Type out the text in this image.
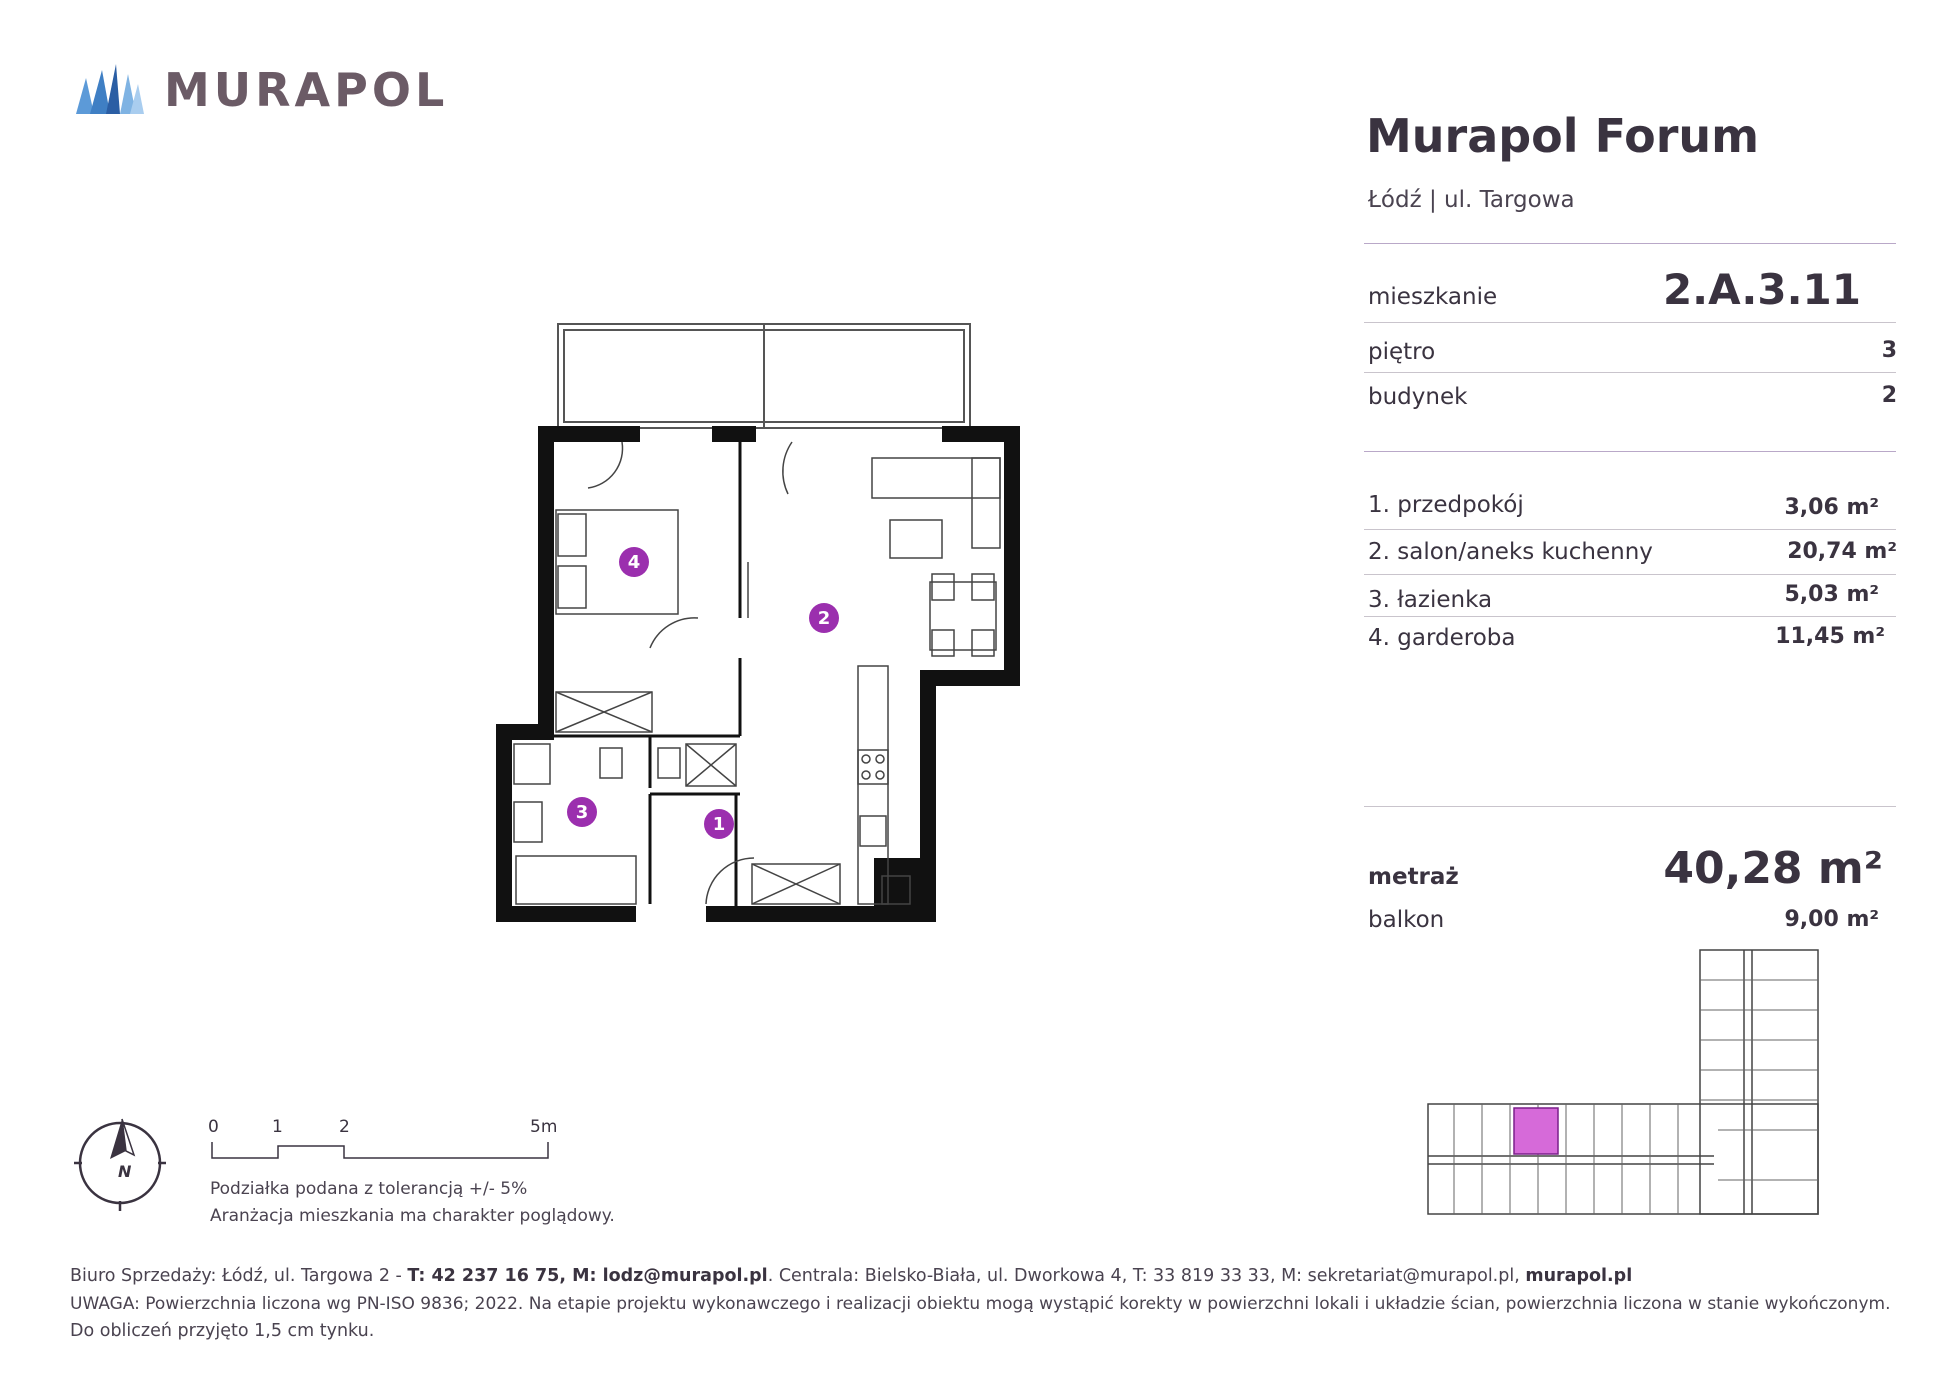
MURAPOL
Murapol Forum
Łódź | ul. Targowa
mieszkanie	2.A.3.11
piętro	3
budynek	2
1. przedpokój	3,06 m²
2. salon/aneks kuchenny	20,74 m²
3. łazienka	5,03 m²
4. garderoba	11,45 m²
metraż	40,28 m²
balkon	9,00 m²
1
2
3
4
N
0	1	2	5m
Podziałka podana z tolerancją +/- 5%
Aranżacja mieszkania ma charakter poglądowy.
Biuro Sprzedaży: Łódź, ul. Targowa 2 - T: 42 237 16 75, M: lodz@murapol.pl. Centrala: Bielsko-Biała, ul. Dworkowa 4, T: 33 819 33 33, M: sekretariat@murapol.pl, murapol.pl
UWAGA: Powierzchnia liczona wg PN-ISO 9836; 2022. Na etapie projektu wykonawczego i realizacji obiektu mogą wystąpić korekty w powierzchni lokali i układzie ścian, powierzchnia liczona w stanie wykończonym.
Do obliczeń przyjęto 1,5 cm tynku.
